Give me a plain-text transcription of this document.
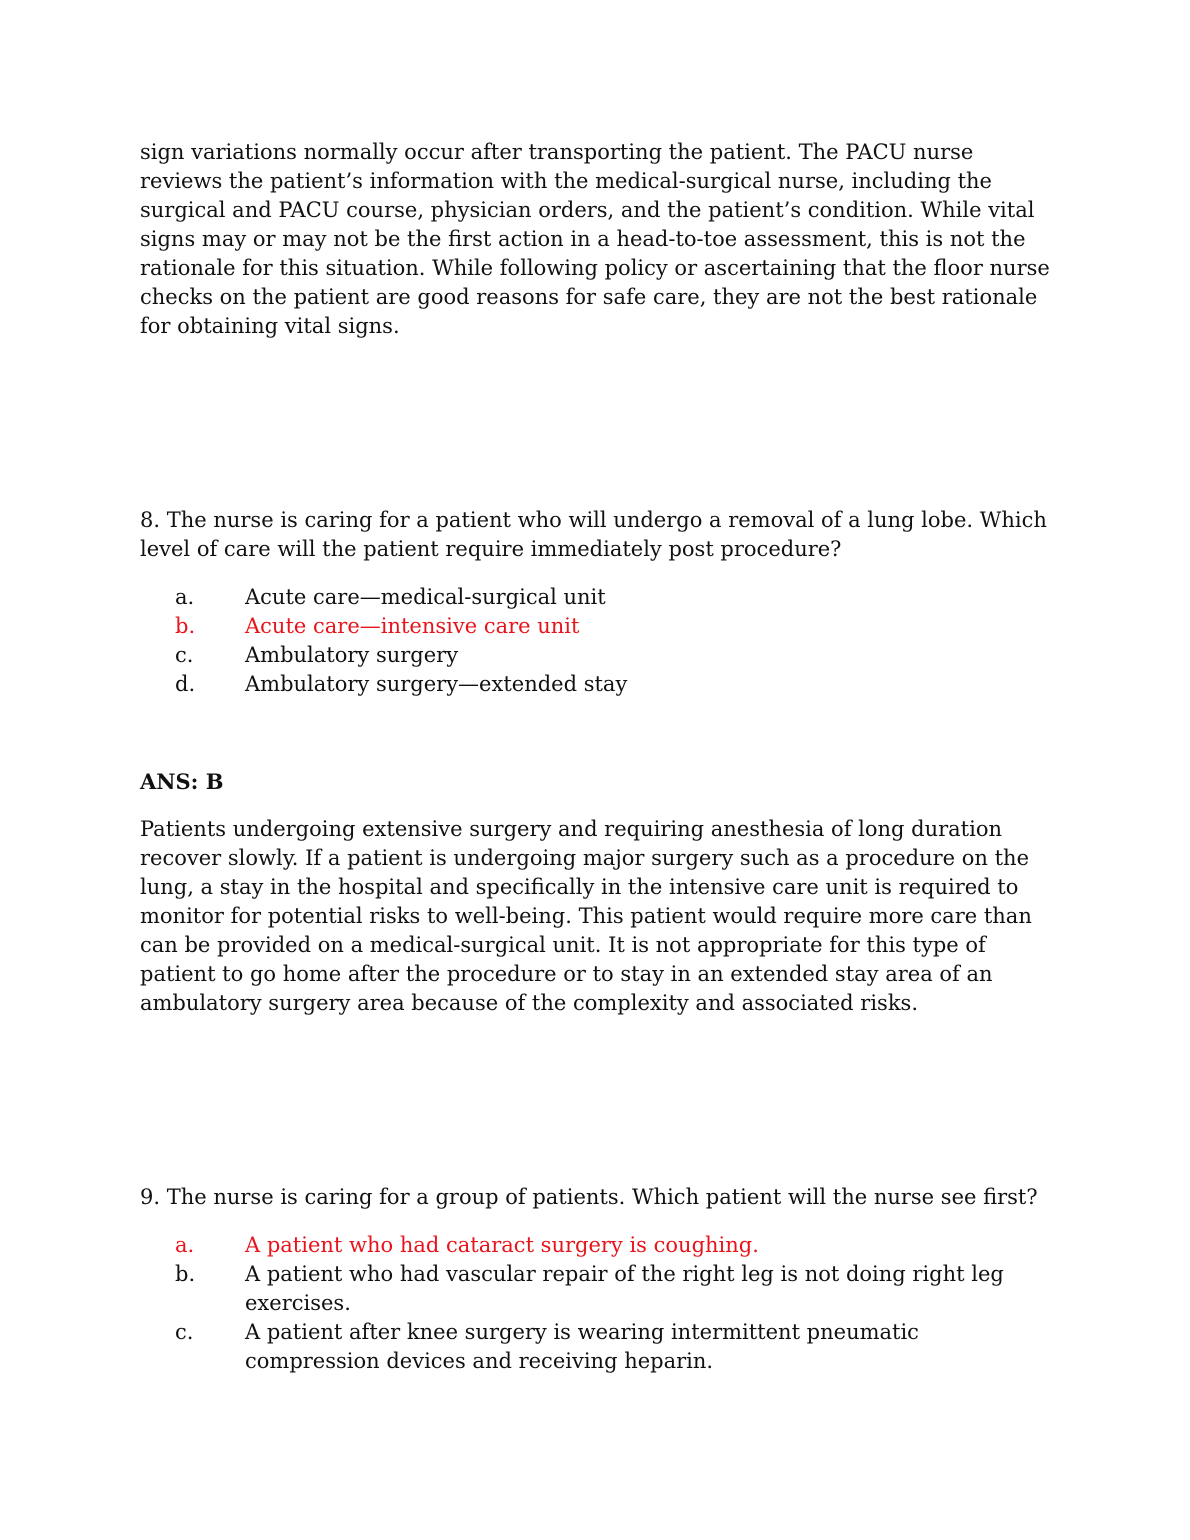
sign variations normally occur after transporting the patient. The PACU nurse reviews the patient’s information with the medical-surgical nurse, including the surgical and PACU course, physician orders, and the patient’s condition. While vital signs may or may not be the first action in a head-to-toe assessment, this is not the rationale for this situation. While following policy or ascertaining that the floor nurse checks on the patient are good reasons for safe care, they are not the best rationale for obtaining vital signs.

8. The nurse is caring for a patient who will undergo a removal of a lung lobe. Which level of care will the patient require immediately post procedure?

a. Acute care—medical-surgical unit
b. Acute care—intensive care unit
c. Ambulatory surgery
d. Ambulatory surgery—extended stay

ANS: B

Patients undergoing extensive surgery and requiring anesthesia of long duration recover slowly. If a patient is undergoing major surgery such as a procedure on the lung, a stay in the hospital and specifically in the intensive care unit is required to monitor for potential risks to well-being. This patient would require more care than can be provided on a medical-surgical unit. It is not appropriate for this type of patient to go home after the procedure or to stay in an extended stay area of an ambulatory surgery area because of the complexity and associated risks.

9. The nurse is caring for a group of patients. Which patient will the nurse see first?

a. A patient who had cataract surgery is coughing.
b. A patient who had vascular repair of the right leg is not doing right leg exercises.
c. A patient after knee surgery is wearing intermittent pneumatic compression devices and receiving heparin.
